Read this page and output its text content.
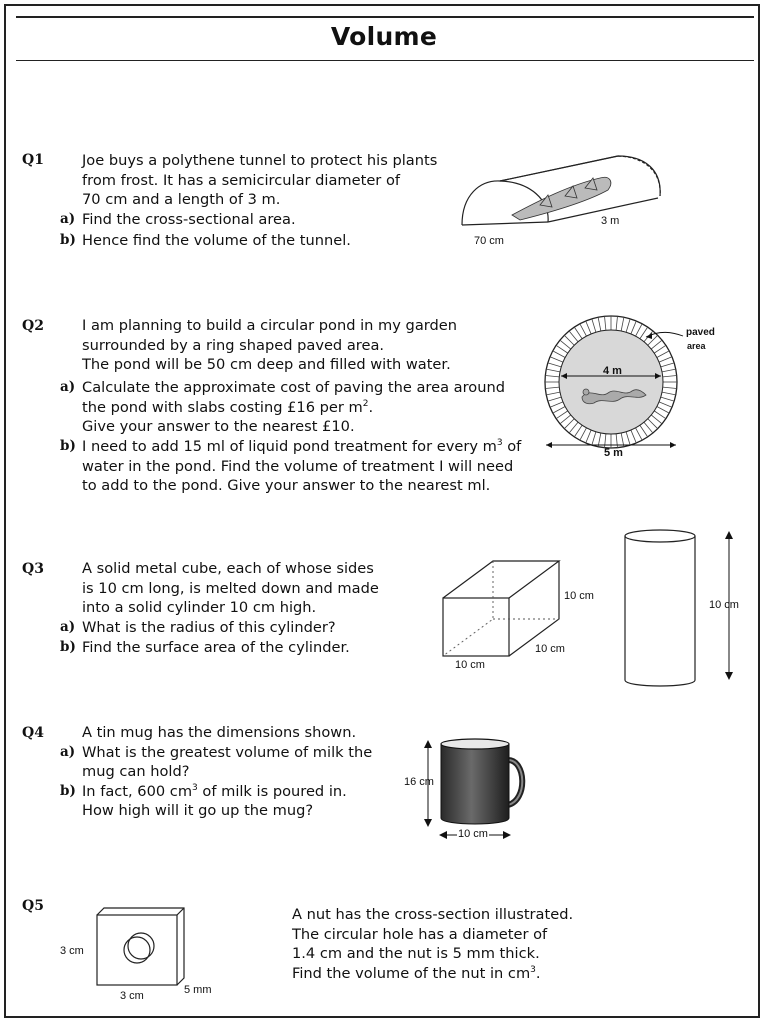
Volume
Q1	Joe buys a polythene tunnel to protect his plants
from frost. It has a semicircular diameter of
70 cm and a length of 3 m.
a) Find the cross-sectional area.
b) Hence find the volume of the tunnel.
3 m
70 cm
Q2	I am planning to build a circular pond in my garden
surrounded by a ring shaped paved area.
The pond will be 50 cm deep and filled with water.
a) Calculate the approximate cost of paving the area around
the pond with slabs costing £16 per $m^2$.
Give your answer to the nearest £10.
b) I need to add 15 ml of liquid pond treatment for every $m^3$ of
water in the pond. Find the volume of treatment I will need
to add to the pond. Give your answer to the nearest ml.
paved
area
4 m
5 m
Q3	A solid metal cube, each of whose sides
is 10 cm long, is melted down and made
into a solid cylinder 10 cm high.
a) What is the radius of this cylinder?
b) Find the surface area of the cylinder.
10 cm
10 cm
10 cm
10 cm
Q4	A tin mug has the dimensions shown.
a) What is the greatest volume of milk the
mug can hold?
b) In fact, 600 $cm^3$ of milk is poured in.
How high will it go up the mug?
16 cm
10 cm
Q5	A nut has the cross-section illustrated.
The circular hole has a diameter of
1.4 cm and the nut is 5 mm thick.
Find the volume of the nut in $cm^3$.
3 cm
3 cm	5 mm
